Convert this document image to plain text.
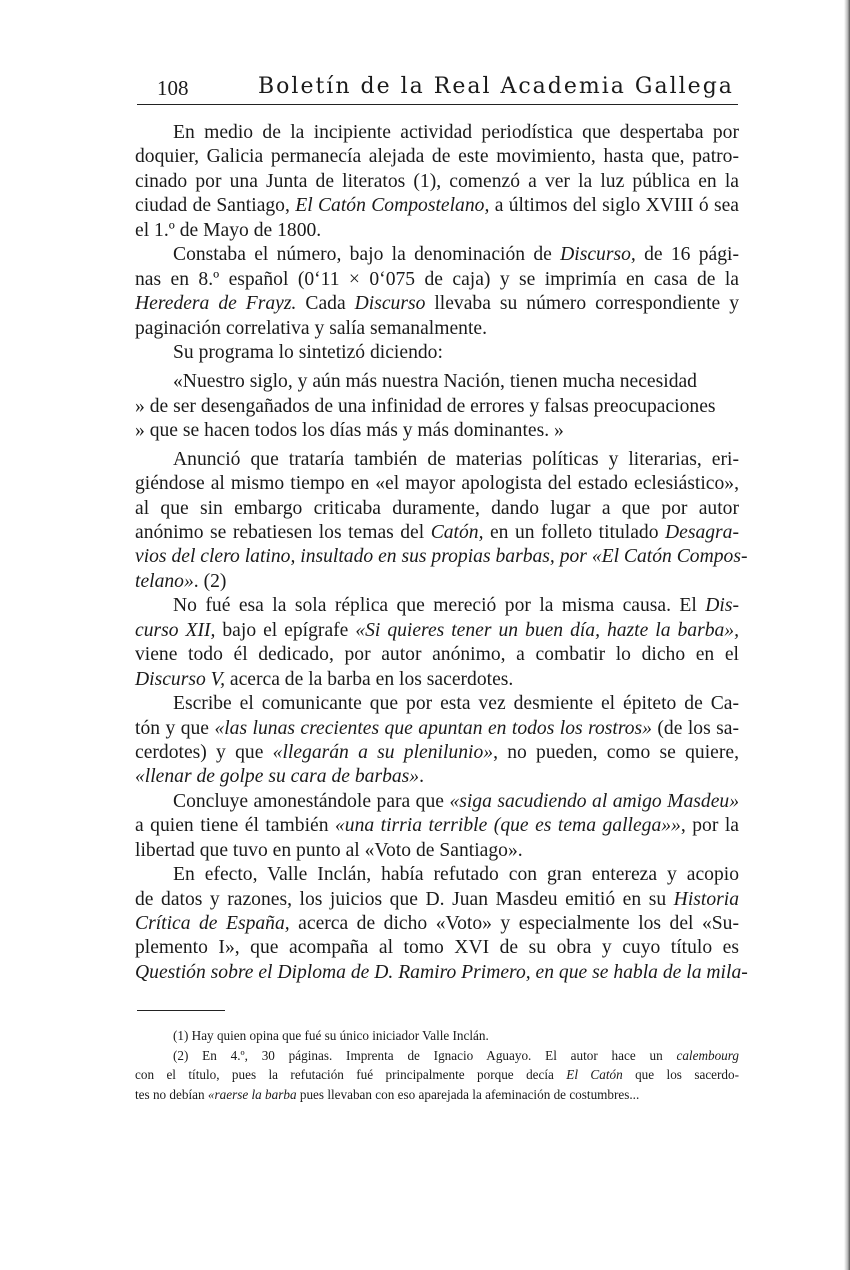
108	Boletín de la Real Academia Gallega
En medio de la incipiente actividad periodística que despertaba por
doquier, Galicia permanecía alejada de este movimiento, hasta que, patro-
cinado por una Junta de literatos (1), comenzó a ver la luz pública en la
ciudad de Santiago, El Catón Compostelano, a últimos del siglo XVIII ó sea
el 1.º de Mayo de 1800.
Constaba el número, bajo la denominación de Discurso, de 16 pági-
nas en 8.º español (0‘11 × 0‘075 de caja) y se imprimía en casa de la
Heredera de Frayz. Cada Discurso llevaba su número correspondiente y
paginación correlativa y salía semanalmente.
Su programa lo sintetizó diciendo:
«Nuestro siglo, y aún más nuestra Nación, tienen mucha necesidad
» de ser desengañados de una infinidad de errores y falsas preocupaciones
» que se hacen todos los días más y más dominantes. »
Anunció que trataría también de materias políticas y literarias, eri-
giéndose al mismo tiempo en «el mayor apologista del estado eclesiástico»,
al que sin embargo criticaba duramente, dando lugar a que por autor
anónimo se rebatiesen los temas del Catón, en un folleto titulado Desagra-
vios del clero latino, insultado en sus propias barbas, por «El Catón Compos-
telano». (2)
No fué esa la sola réplica que mereció por la misma causa. El Dis-
curso XII, bajo el epígrafe «Si quieres tener un buen día, hazte la barba»,
viene todo él dedicado, por autor anónimo, a combatir lo dicho en el
Discurso V, acerca de la barba en los sacerdotes.
Escribe el comunicante que por esta vez desmiente el épiteto de Ca-
tón y que «las lunas crecientes que apuntan en todos los rostros» (de los sa-
cerdotes) y que «llegarán a su plenilunio», no pueden, como se quiere,
«llenar de golpe su cara de barbas».
Concluye amonestándole para que «siga sacudiendo al amigo Masdeu»
a quien tiene él también «una tirria terrible (que es tema gallega»», por la
libertad que tuvo en punto al «Voto de Santiago».
En efecto, Valle Inclán, había refutado con gran entereza y acopio
de datos y razones, los juicios que D. Juan Masdeu emitió en su Historia
Crítica de España, acerca de dicho «Voto» y especialmente los del «Su-
plemento I», que acompaña al tomo XVI de su obra y cuyo título es
Questión sobre el Diploma de D. Ramiro Primero, en que se habla de la mila-
(1) Hay quien opina que fué su único iniciador Valle Inclán.
(2) En 4.º, 30 páginas. Imprenta de Ignacio Aguayo. El autor hace un calembourg
con el título, pues la refutación fué principalmente porque decía El Catón que los sacerdo-
tes no debían «raerse la barba pues llevaban con eso aparejada la afeminación de costumbres...
